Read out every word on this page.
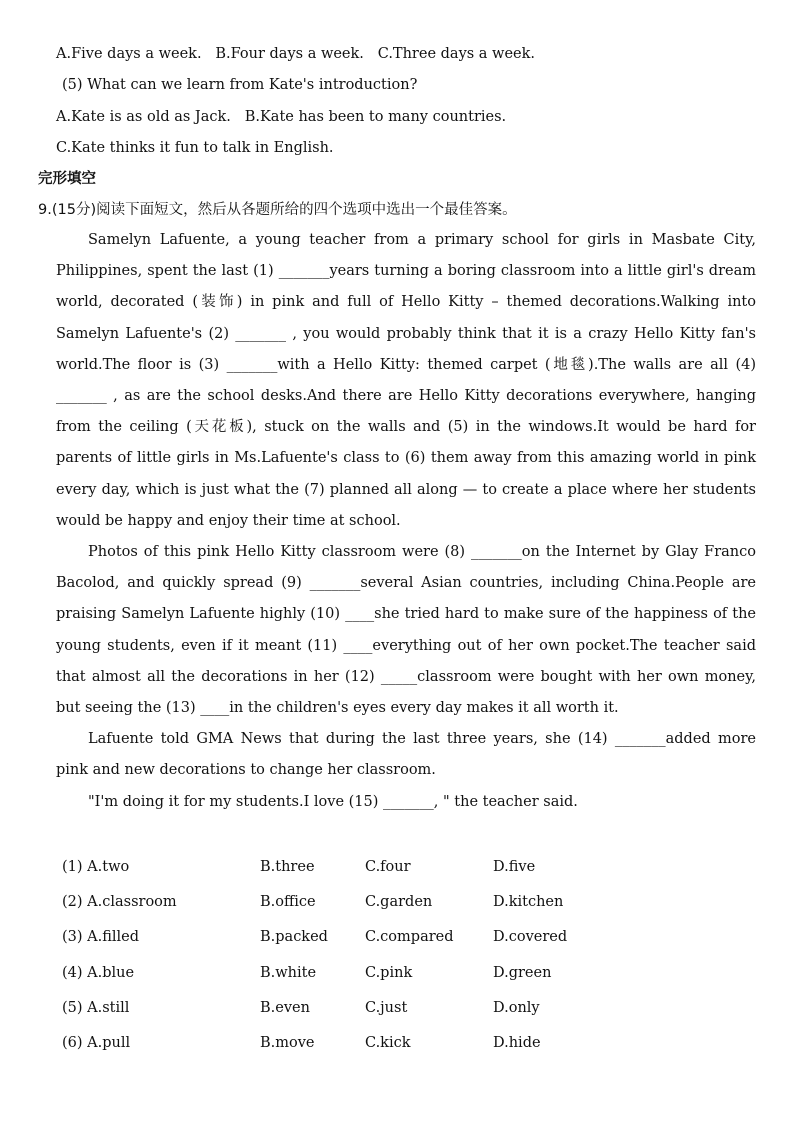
A.Five days a week.   B.Four days a week.   C.Three days a week.
(5) What can we learn from Kate's introduction?
A.Kate is as old as Jack.   B.Kate has been to many countries.
C.Kate thinks it fun to talk in English.
完形填空
9.(15分)阅读下面短文，然后从各题所给的四个选项中选出一个最佳答案。

Samelyn Lafuente, a young teacher from a primary school for girls in Masbate City, Philippines, spent the last (1) _______years turning a boring classroom into a little girl's dream world, decorated (装饰) in pink and full of Hello Kitty – themed decorations.Walking into Samelyn Lafuente's (2) _______ , you would probably think that it is a crazy Hello Kitty fan's world.The floor is (3) _______with a Hello Kitty: themed carpet (地毯).The walls are all (4) _______ , as are the school desks.And there are Hello Kitty decorations everywhere, hanging from the ceiling (天花板), stuck on the walls and (5) in the windows.It would be hard for parents of little girls in Ms.Lafuente's class to (6) them away from this amazing world in pink every day, which is just what the (7) planned all along — to create a place where her students would be happy and enjoy their time at school.

Photos of this pink Hello Kitty classroom were (8) _______on the Internet by Glay Franco Bacolod, and quickly spread (9) _______several Asian countries, including China.People are praising Samelyn Lafuente highly (10) ____she tried hard to make sure of the happiness of the young students, even if it meant (11) ____everything out of her own pocket.The teacher said that almost all the decorations in her (12) _____classroom were bought with her own money, but seeing the (13) ____in the children's eyes every day makes it all worth it.

Lafuente told GMA News that during the last three years, she (14) _______added more pink and new decorations to change her classroom.

"I'm doing it for my students.I love (15) _______, " the teacher said.

(1) A.two	B.three	C.four	D.five
(2) A.classroom	B.office	C.garden	D.kitchen
(3) A.filled	B.packed	C.compared	D.covered
(4) A.blue	B.white	C.pink	D.green
(5) A.still	B.even	C.just	D.only
(6) A.pull	B.move	C.kick	D.hide
